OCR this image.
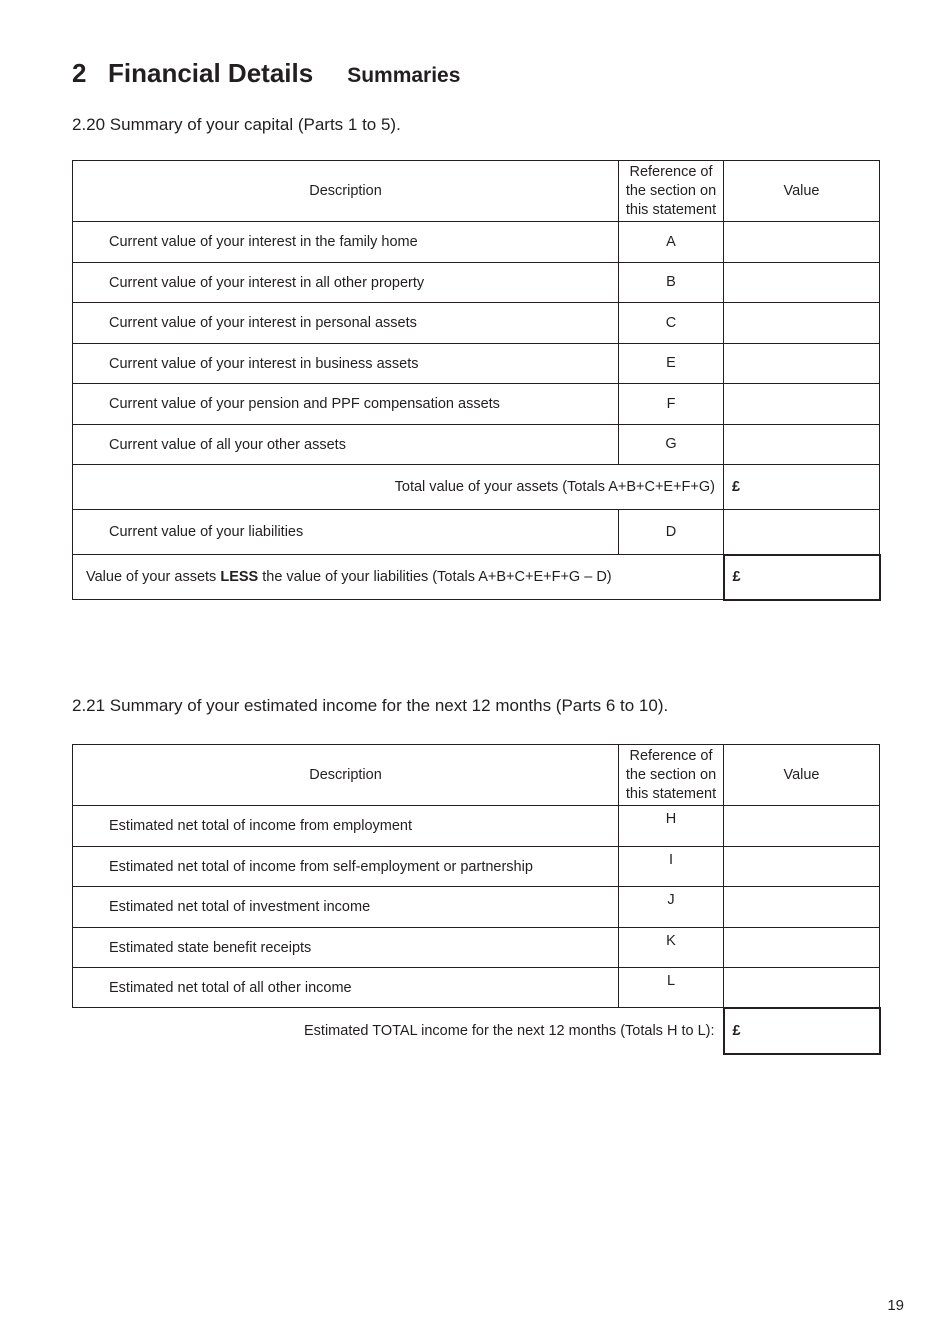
2 Financial Details Summaries
2.20 Summary of your capital (Parts 1 to 5).
Description	Reference of the section on this statement	Value
Current value of your interest in the family home	A	
Current value of your interest in all other property	B	
Current value of your interest in personal assets	C	
Current value of your interest in business assets	E	
Current value of your pension and PPF compensation assets	F	
Current value of all your other assets	G	
Total value of your assets (Totals A+B+C+E+F+G)		£
Current value of your liabilities	D	
Value of your assets LESS the value of your liabilities (Totals A+B+C+E+F+G – D)		£
2.21 Summary of your estimated income for the next 12 months (Parts 6 to 10).
Description	Reference of the section on this statement	Value
Estimated net total of income from employment	H	
Estimated net total of income from self-employment or partnership	I	
Estimated net total of investment income	J	
Estimated state benefit receipts	K	
Estimated net total of all other income	L	
Estimated TOTAL income for the next 12 months (Totals H to L):		£
19
